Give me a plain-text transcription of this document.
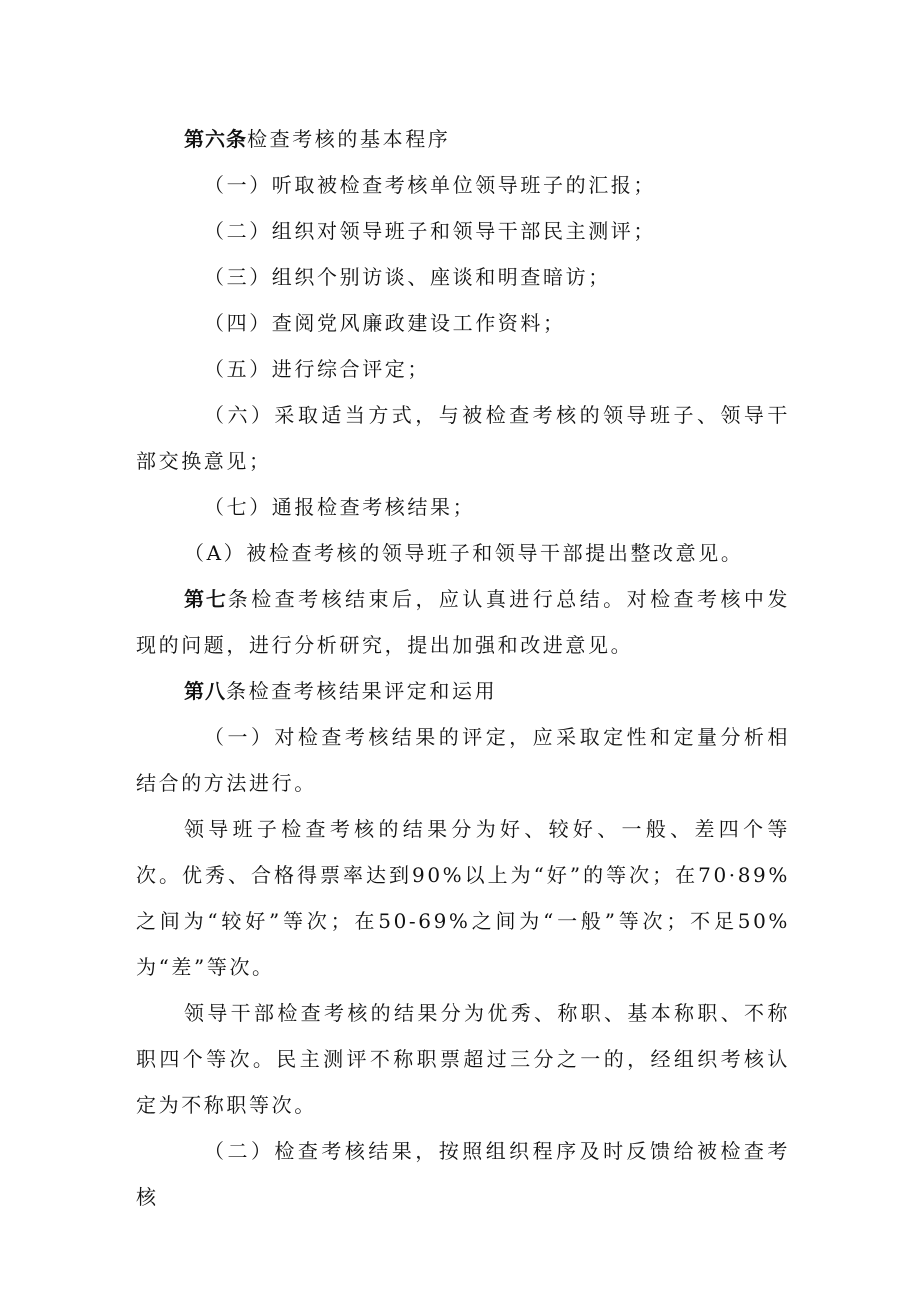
第六条检查考核的基本程序

（一）听取被检查考核单位领导班子的汇报；

（二）组织对领导班子和领导干部民主测评；

（三）组织个别访谈、座谈和明查暗访；

（四）查阅党风廉政建设工作资料；

（五）进行综合评定；

（六）采取适当方式，与被检查考核的领导班子、领导干部交换意见；

（七）通报检查考核结果；

（A）被检查考核的领导班子和领导干部提出整改意见。

第七条检查考核结束后，应认真进行总结。对检查考核中发现的问题，进行分析研究，提出加强和改进意见。

第八条检查考核结果评定和运用

（一）对检查考核结果的评定，应采取定性和定量分析相结合的方法进行。

领导班子检查考核的结果分为好、较好、一般、差四个等次。优秀、合格得票率达到90%以上为“好”的等次；在70·89%之间为“较好”等次；在50-69%之间为“一般”等次；不足50%为“差”等次。

领导干部检查考核的结果分为优秀、称职、基本称职、不称职四个等次。民主测评不称职票超过三分之一的，经组织考核认定为不称职等次。

（二）检查考核结果，按照组织程序及时反馈给被检查考核
